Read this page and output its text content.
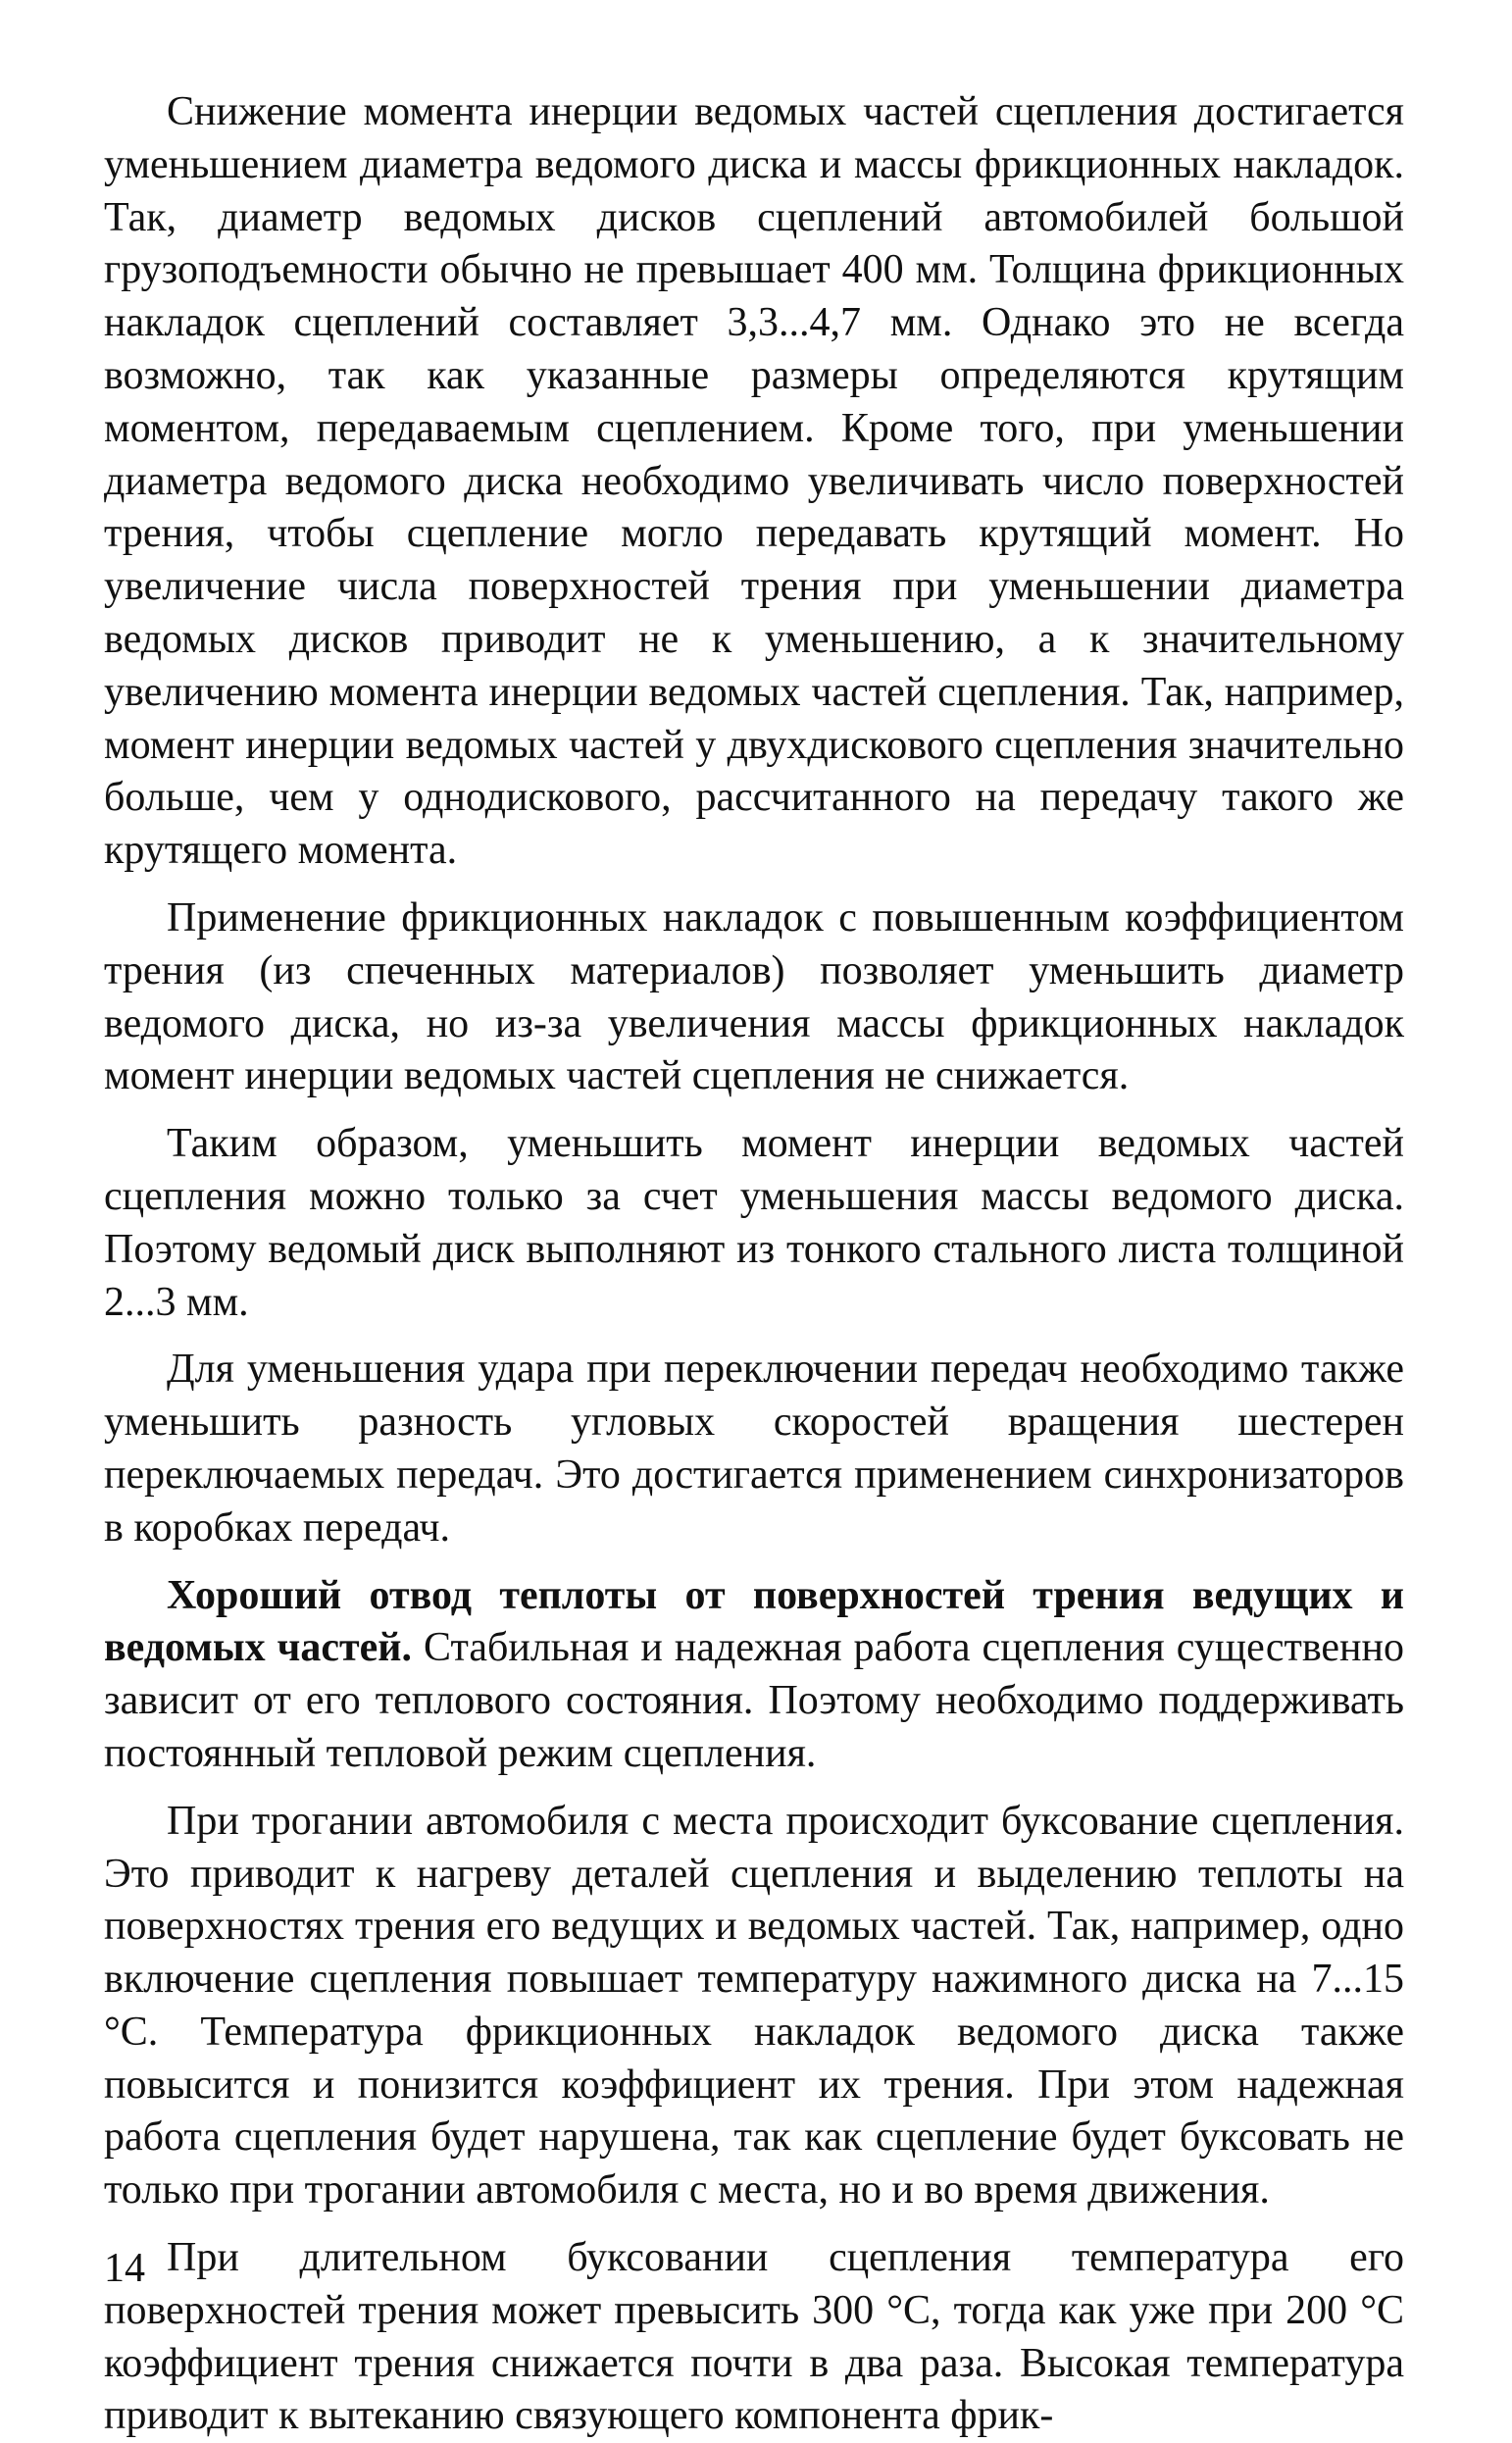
Снижение момента инерции ведомых частей сцепления достигается уменьшением диаметра ведомого диска и массы фрикционных накладок. Так, диаметр ведомых дисков сцеплений автомобилей большой грузоподъемности обычно не превышает 400 мм. Толщина фрикционных накладок сцеплений составляет 3,3...4,7 мм. Однако это не всегда возможно, так как указанные размеры определяются крутящим моментом, передаваемым сцеплением. Кроме того, при уменьшении диаметра ведомого диска необходимо увеличивать число поверхностей трения, чтобы сцепление могло передавать крутящий момент. Но увеличение числа поверхностей трения при уменьшении диаметра ведомых дисков приводит не к уменьшению, а к значительному увеличению момента инерции ведомых частей сцепления. Так, например, момент инерции ведомых частей у двухдискового сцепления значительно больше, чем у однодискового, рассчитанного на передачу такого же крутящего момента.

Применение фрикционных накладок с повышенным коэффициентом трения (из спеченных материалов) позволяет уменьшить диаметр ведомого диска, но из-за увеличения массы фрикционных накладок момент инерции ведомых частей сцепления не снижается.

Таким образом, уменьшить момент инерции ведомых частей сцепления можно только за счет уменьшения массы ведомого диска. Поэтому ведомый диск выполняют из тонкого стального листа толщиной 2...3 мм.

Для уменьшения удара при переключении передач необходимо также уменьшить разность угловых скоростей вращения шестерен переключаемых передач. Это достигается применением синхронизаторов в коробках передач.

Хороший отвод теплоты от поверхностей трения ведущих и ведомых частей. Стабильная и надежная работа сцепления существенно зависит от его теплового состояния. Поэтому необходимо поддерживать постоянный тепловой режим сцепления.

При трогании автомобиля с места происходит буксование сцепления. Это приводит к нагреву деталей сцепления и выделению теплоты на поверхностях трения его ведущих и ведомых частей. Так, например, одно включение сцепления повышает температуру нажимного диска на 7...15 °C. Температура фрикционных накладок ведомого диска также повысится и понизится коэффициент их трения. При этом надежная работа сцепления будет нарушена, так как сцепление будет буксовать не только при трогании автомобиля с места, но и во время движения.

При длительном буксовании сцепления температура его поверхностей трения может превысить 300 °C, тогда как уже при 200 °C коэффициент трения снижается почти в два раза. Высокая температура приводит к вытеканию связующего компонента фрик-

14
